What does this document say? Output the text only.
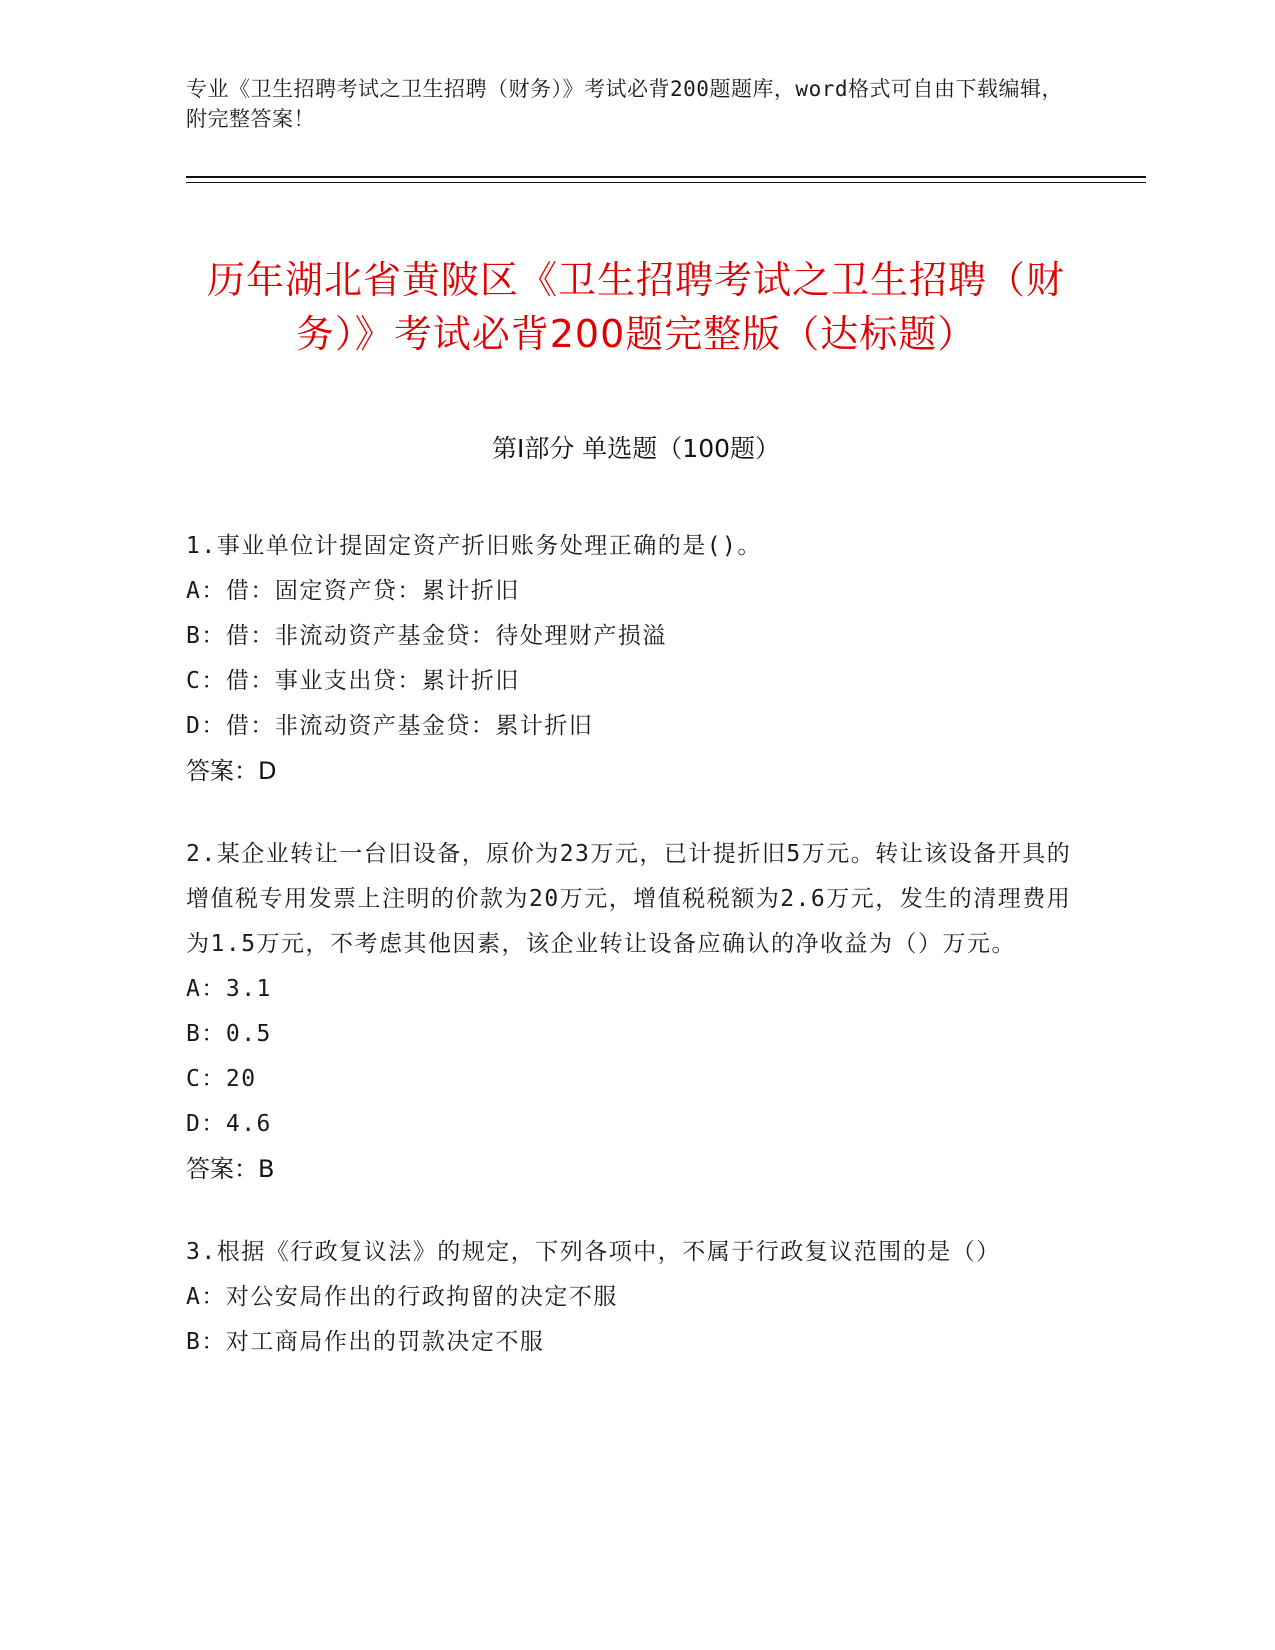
专业《卫生招聘考试之卫生招聘（财务）》考试必背200题题库，word格式可自由下载编辑，附完整答案！
历年湖北省黄陂区《卫生招聘考试之卫生招聘（财务）》考试必背200题完整版（达标题）
第I部分 单选题（100题）

1.事业单位计提固定资产折旧账务处理正确的是()。

A：借：固定资产贷：累计折旧

B：借：非流动资产基金贷：待处理财产损溢

C：借：事业支出贷：累计折旧

D：借：非流动资产基金贷：累计折旧

答案：D

2.某企业转让一台旧设备，原价为23万元，已计提折旧5万元。转让该设备开具的增值税专用发票上注明的价款为20万元，增值税税额为2.6万元，发生的清理费用为1.5万元，不考虑其他因素，该企业转让设备应确认的净收益为（）万元。

A：3.1

B：0.5

C：20

D：4.6

答案：B

3.根据《行政复议法》的规定，下列各项中，不属于行政复议范围的是（）

A：对公安局作出的行政拘留的决定不服

B：对工商局作出的罚款决定不服
